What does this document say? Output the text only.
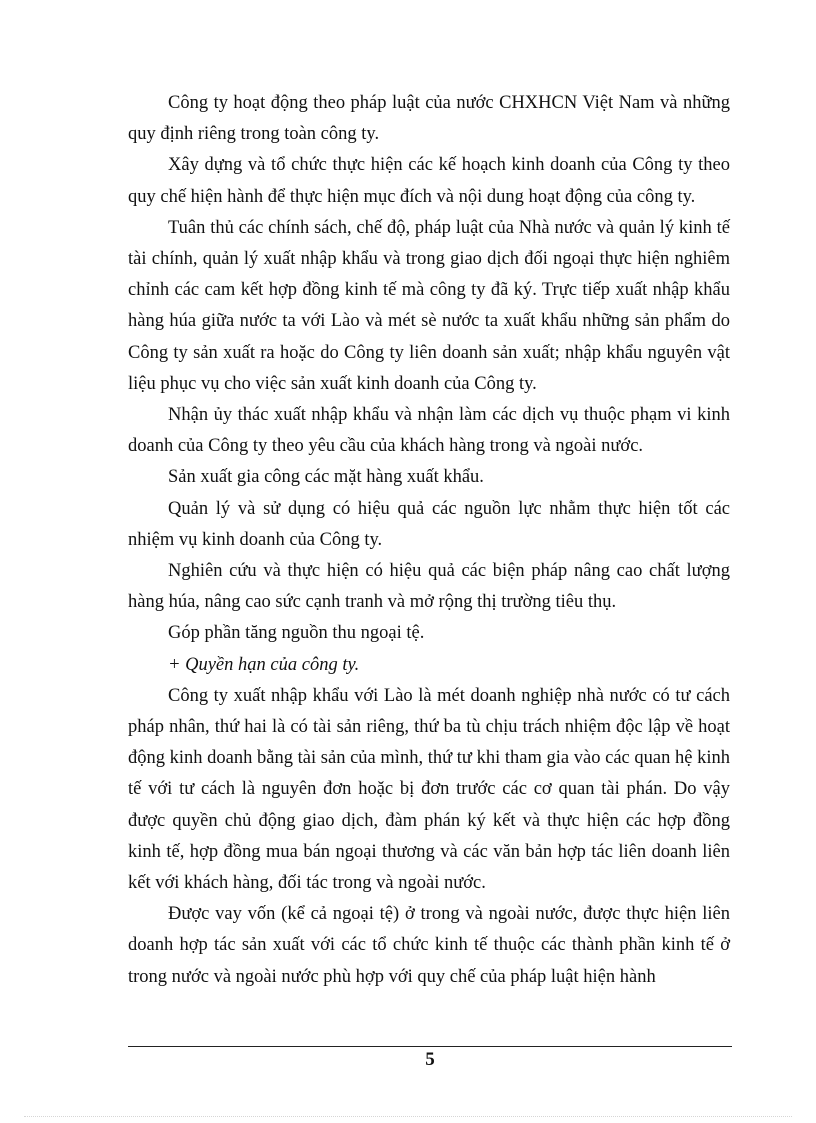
Công ty hoạt động theo pháp luật của nước CHXHCN Việt Nam và những quy định riêng trong toàn công ty.

Xây dựng và tổ chức thực hiện các kế hoạch kinh doanh của Công ty theo quy chế hiện hành để thực hiện mục đích và nội dung hoạt động của công ty.

Tuân thủ các chính sách, chế độ, pháp luật của Nhà nước và quản lý kinh tế tài chính, quản lý xuất nhập khẩu và trong giao dịch đối ngoại thực hiện nghiêm chỉnh các cam kết hợp đồng kinh tế mà công ty đã ký. Trực tiếp xuất nhập khẩu hàng húa giữa nước ta với Lào và mét sè nước ta xuất khẩu những sản phẩm do Công ty sản xuất ra hoặc do Công ty liên doanh sản xuất; nhập khẩu nguyên vật liệu phục vụ cho việc sản xuất kinh doanh của Công ty.

Nhận ủy thác xuất nhập khẩu và nhận làm các dịch vụ thuộc phạm vi kinh doanh của Công ty theo yêu cầu của khách hàng trong và ngoài nước.

Sản xuất gia công các mặt hàng xuất khẩu.

Quản lý và sử dụng có hiệu quả các nguồn lực nhằm thực hiện tốt các nhiệm vụ kinh doanh của Công ty.

Nghiên cứu và thực hiện có hiệu quả các biện pháp nâng cao chất lượng hàng húa, nâng cao sức cạnh tranh và mở rộng thị trường tiêu thụ.

Góp phần tăng nguồn thu ngoại tệ.

+ Quyền hạn của công ty.

Công ty xuất nhập khẩu với Lào là mét doanh nghiệp nhà nước có tư cách pháp nhân, thứ hai là có tài sản riêng, thứ ba tù chịu trách nhiệm độc lập về hoạt động kinh doanh bằng tài sản của mình, thứ tư khi tham gia vào các quan hệ kinh tế với tư cách là nguyên đơn hoặc bị đơn trước các cơ quan tài phán. Do vậy được quyền chủ động giao dịch, đàm phán ký kết và thực hiện các hợp đồng kinh tế, hợp đồng mua bán ngoại thương và các văn bản hợp tác liên doanh liên kết với khách hàng, đối tác trong và ngoài nước.

Được vay vốn (kể cả ngoại tệ) ở trong và ngoài nước, được thực hiện liên doanh hợp tác sản xuất với các tổ chức kinh tế thuộc các thành phần kinh tế ở trong nước và ngoài nước phù hợp với quy chế của pháp luật hiện hành

5
